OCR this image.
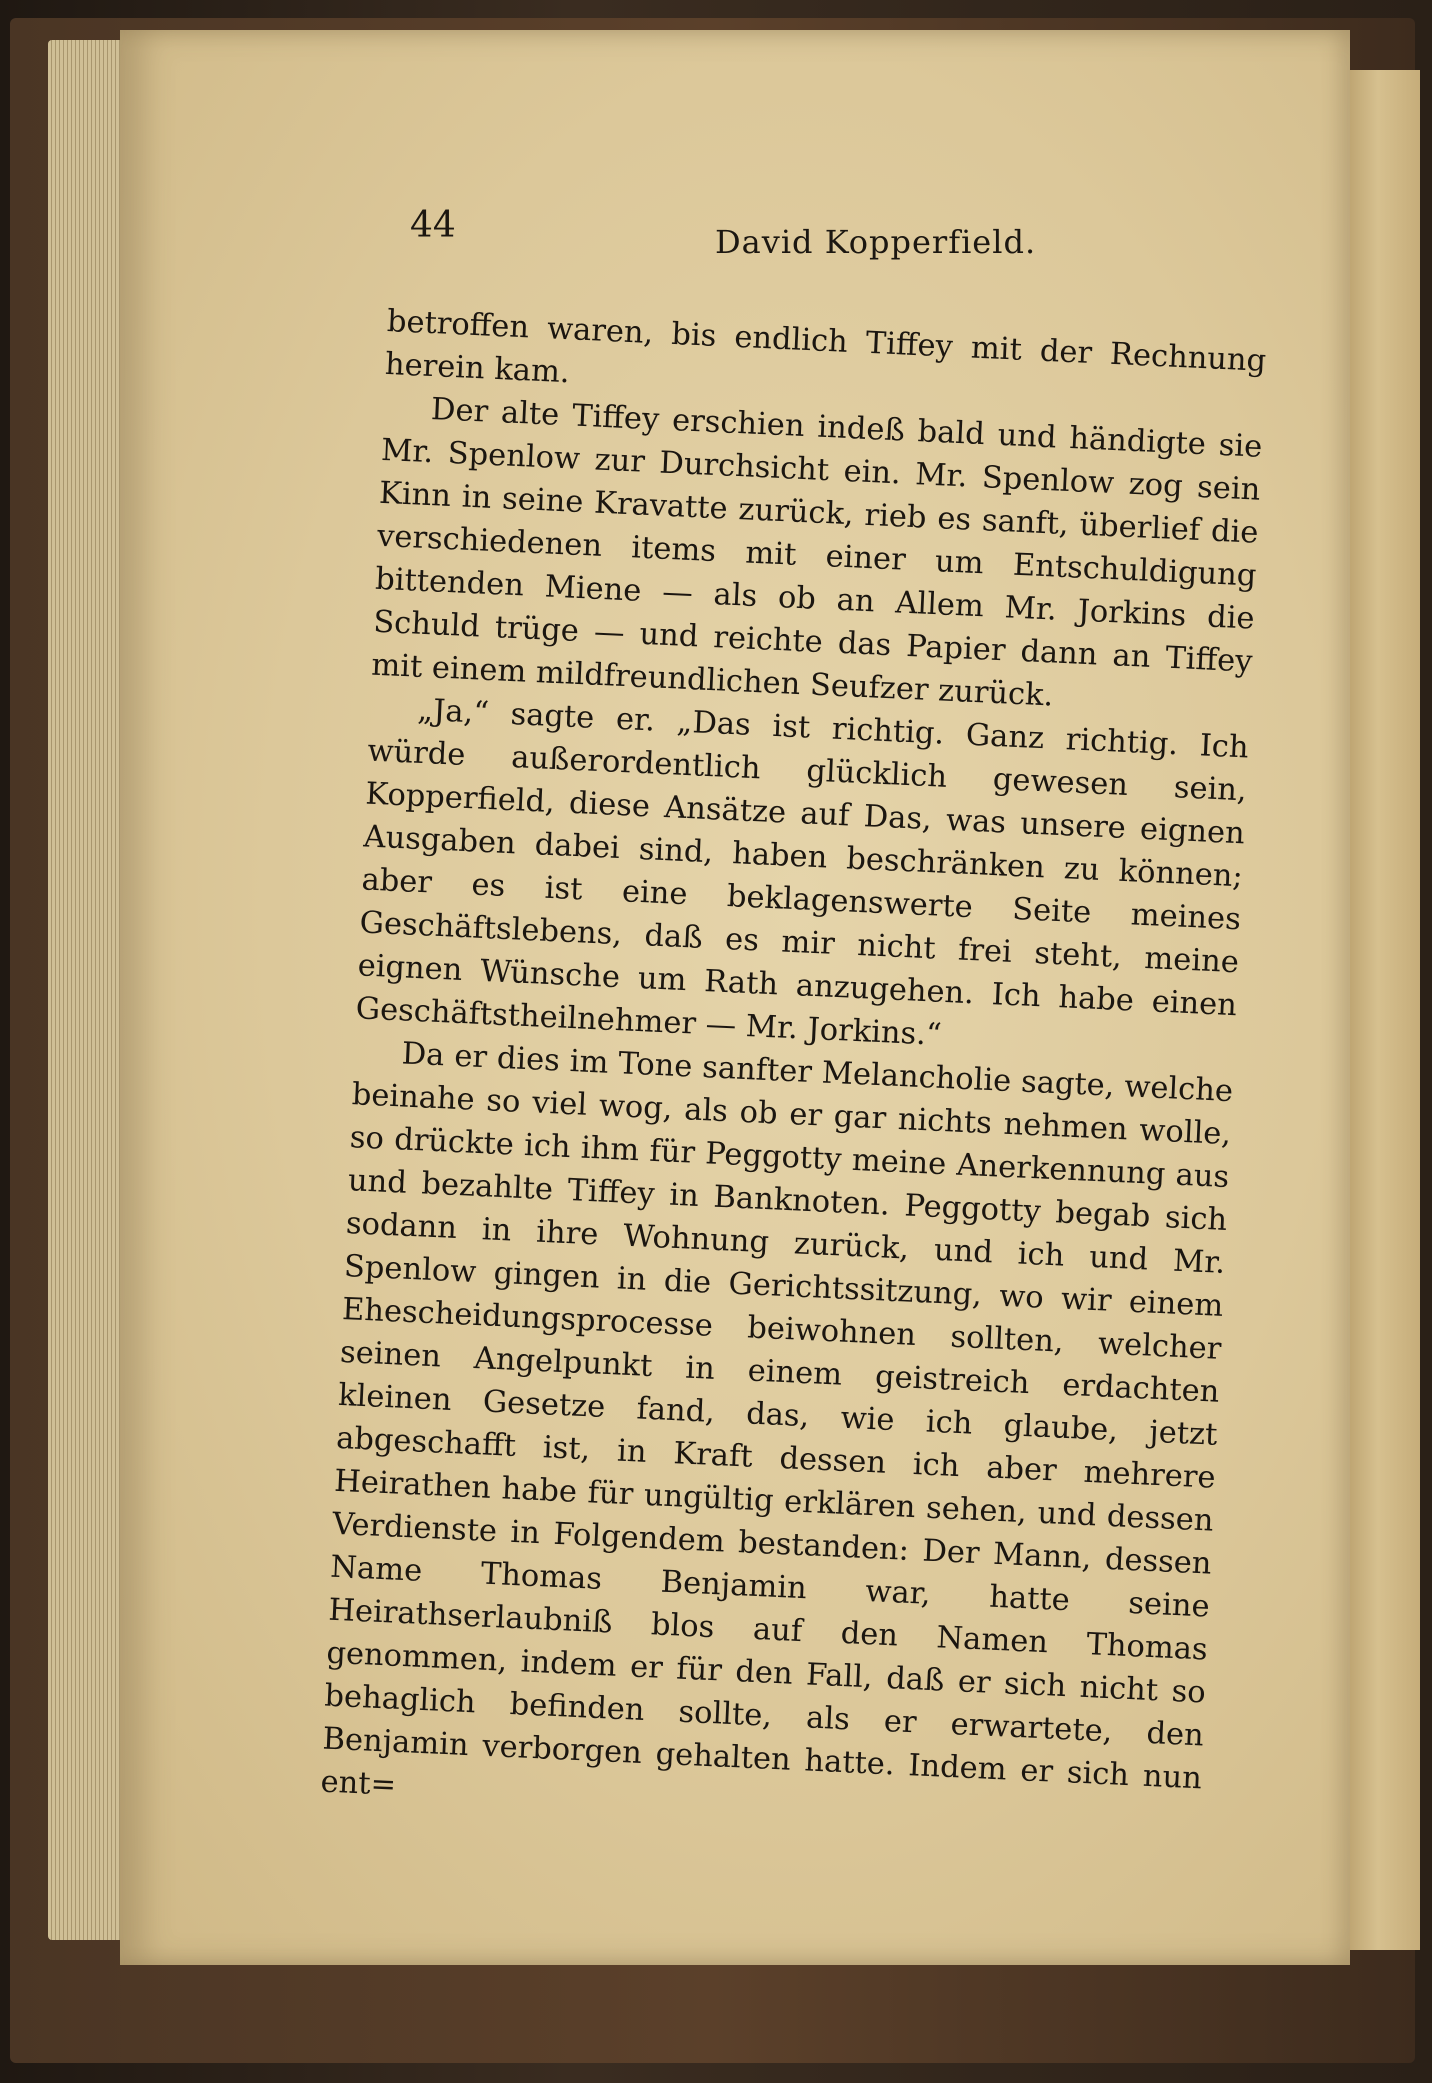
44	David Kopperfield.

betroffen waren, bis endlich Tiffey mit der Rechnung herein kam.

Der alte Tiffey erschien indeß bald und händigte sie Mr. Spenlow zur Durchsicht ein. Mr. Spenlow zog sein Kinn in seine Kravatte zurück, rieb es sanft, überlief die verschiedenen items mit einer um Entschuldigung bittenden Miene — als ob an Allem Mr. Jorkins die Schuld trüge — und reichte das Papier dann an Tiffey mit einem mildfreundlichen Seufzer zurück.

„Ja,“ sagte er. „Das ist richtig. Ganz richtig. Ich würde außerordentlich glücklich gewesen sein, Kopperfield, diese Ansätze auf Das, was unsere eignen Ausgaben dabei sind, haben beschränken zu können; aber es ist eine beklagenswerte Seite meines Geschäftslebens, daß es mir nicht frei steht, meine eignen Wünsche um Rath anzugehen. Ich habe einen Geschäftstheilnehmer — Mr. Jorkins.“

Da er dies im Tone sanfter Melancholie sagte, welche beinahe so viel wog, als ob er gar nichts nehmen wolle, so drückte ich ihm für Peggotty meine Anerkennung aus und bezahlte Tiffey in Banknoten. Peggotty begab sich sodann in ihre Wohnung zurück, und ich und Mr. Spenlow gingen in die Gerichtssitzung, wo wir einem Ehescheidungsprocesse beiwohnen sollten, welcher seinen Angelpunkt in einem geistreich erdachten kleinen Gesetze fand, das, wie ich glaube, jetzt abgeschafft ist, in Kraft dessen ich aber mehrere Heirathen habe für ungültig erklären sehen, und dessen Verdienste in Folgendem bestanden: Der Mann, dessen Name Thomas Benjamin war, hatte seine Heirathserlaubniß blos auf den Namen Thomas genommen, indem er für den Fall, daß er sich nicht so behaglich befinden sollte, als er erwartete, den Benjamin verborgen gehalten hatte. Indem er sich nun ent=
